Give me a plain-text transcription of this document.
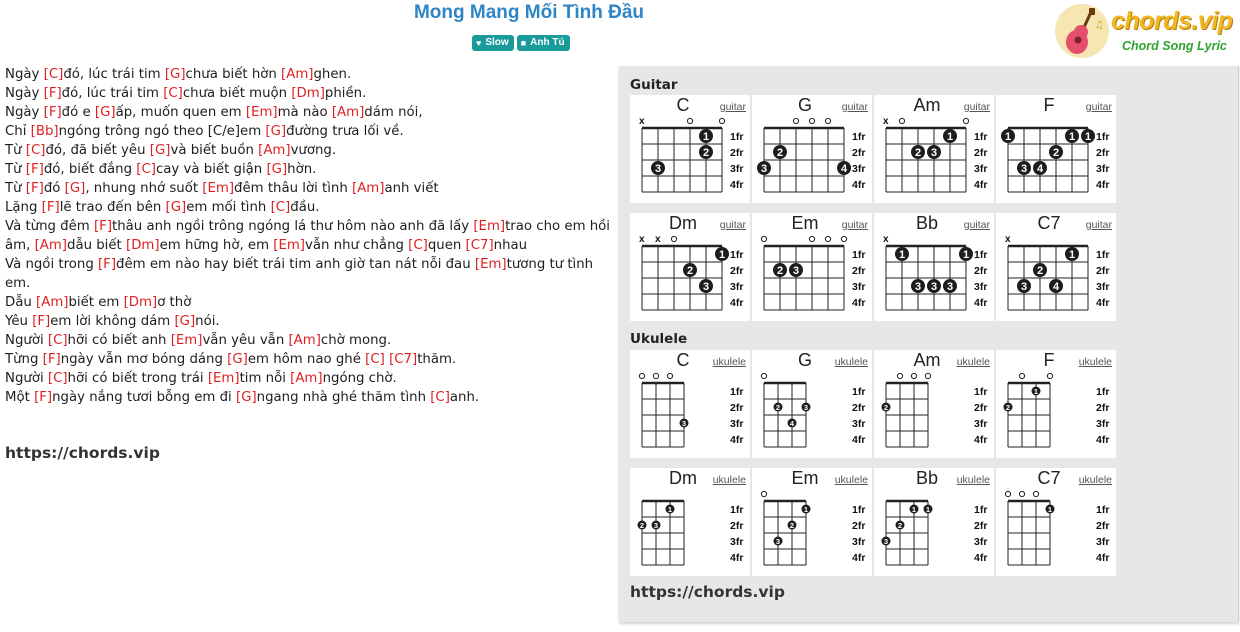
Mong Mang Mối Tình Đầu
♥ Slow ■ Anh Tú
♫ chords.vip
Chord Song Lyric
Ngày [C]đó, lúc trái tim [G]chưa biết hờn [Am]ghen.
Ngày [F]đó, lúc trái tim [C]chưa biết muộn [Dm]phiền.
Ngày [F]đó e [G]ấp, muốn quen em [Em]mà nào [Am]dám nói,
Chỉ [Bb]ngóng trông ngó theo [C/e]em [G]đường trưa lối về.
Từ [C]đó, đã biết yêu [G]và biết buồn [Am]vương.
Từ [F]đó, biết đắng [C]cay và biết giận [G]hờn.
Từ [F]đó [G], nhung nhớ suốt [Em]đêm thâu lời tình [Am]anh viết
Lặng [F]lẽ trao đến bên [G]em mối tình [C]đầu.
Và từng đêm [F]thâu anh ngồi trông ngóng lá thư hôm nào anh đã lấy [Em]trao cho em hồi âm, [Am]dẫu biết [Dm]em hững hờ, em [Em]vẫn như chẳng [C]quen [C7]nhau
Và ngồi trong [F]đêm em nào hay biết trái tim anh giờ tan nát nỗi đau [Em]tương tư tình em.
Dẫu [Am]biết em [Dm]ơ thờ
Yêu [F]em lời không dám [G]nói.
Người [C]hỡi có biết anh [Em]vẫn yêu vẫn [Am]chờ mong.
Từng [F]ngày vẫn mơ bóng dáng [G]em hôm nao ghé [C] [C7]thăm.
Người [C]hỡi có biết trong trái [Em]tim nỗi [Am]ngóng chờ.
Một [F]ngày nắng tươi bỗng em đi [G]ngang nhà ghé thăm tình [C]anh.
https://chords.vip
Guitar
C	guitar
1fr
2fr
3fr
4fr
x
2
3
1
G	guitar
1fr
2fr
3fr
4fr
2
3	4
Am	guitar
1fr
2fr
3fr
4fr
x
1
2 3
F	guitar
1fr
2fr
3fr
4fr
1	1 1
2
3 4
Dm	guitar
1fr
2fr
3fr
4fr
x x
1
2
3
Em	guitar
1fr
2fr
3fr
4fr
2 3
Bb	guitar
1fr
2fr
3fr
4fr
x
1	1
3 3 3
C7	guitar
1fr
2fr
3fr
4fr
x
1
2
3 4
Ukulele
C	ukulele
1fr
2fr
3fr
4fr
3
G	ukulele
1fr
2fr
3fr
4fr
2	3
4
Am	ukulele
1fr
2fr
3fr
4fr
2
F	ukulele
1fr
2fr
3fr
4fr
1
2
Dm	ukulele
1fr
2fr
3fr
4fr
1
2 3
Em	ukulele
1fr
2fr
3fr
4fr
1
2
3
Bb	ukulele
1fr
2fr
3fr
4fr
1 1
2
3
C7	ukulele
1fr
2fr
3fr
4fr
1
https://chords.vip
